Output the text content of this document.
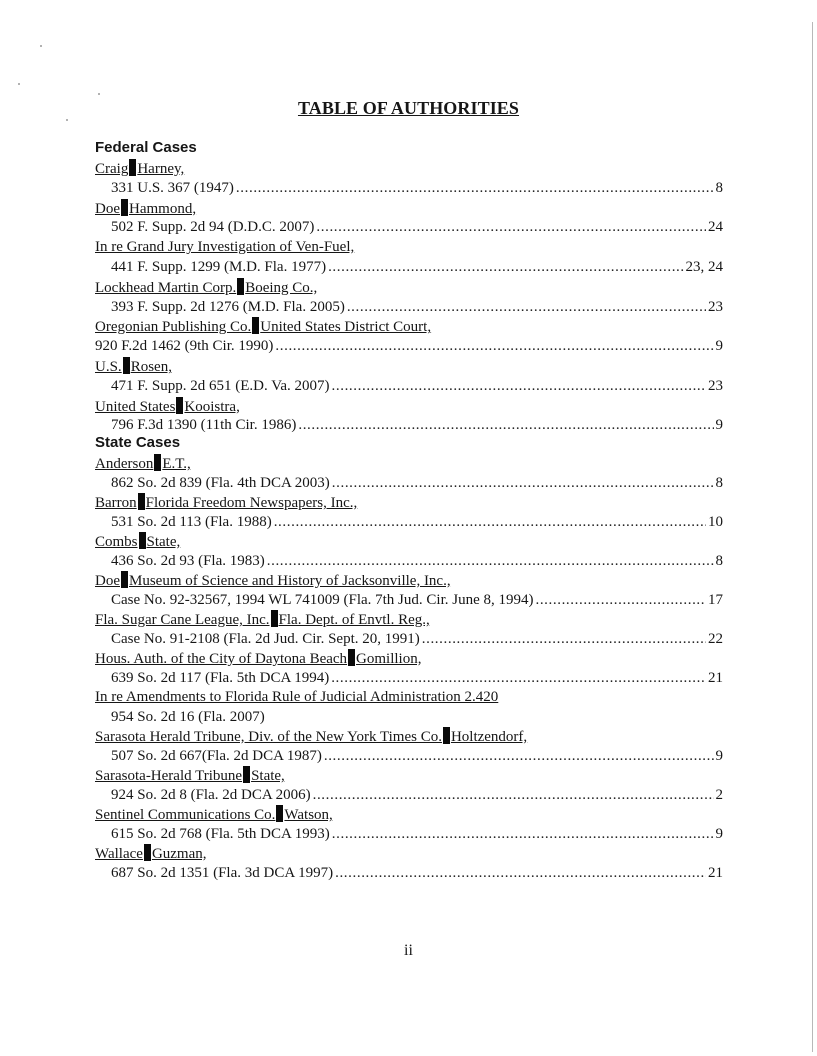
TABLE OF AUTHORITIES
Federal Cases
Craig Harney,
331 U.S. 367 (1947) .....	8
Doe Hammond,
502 F. Supp. 2d 94 (D.D.C. 2007) .....	24
In re Grand Jury Investigation of Ven-Fuel,
441 F. Supp. 1299 (M.D. Fla. 1977) .....	23, 24
Lockhead Martin Corp. Boeing Co.,
393 F. Supp. 2d 1276 (M.D. Fla. 2005) .....	23
Oregonian Publishing Co. United States District Court,
920 F.2d 1462 (9th Cir. 1990) .....	9
U.S. Rosen,
471 F. Supp. 2d 651 (E.D. Va. 2007) .....	23
United States Kooistra,
796 F.3d 1390 (11th Cir. 1986) .....	9
State Cases
Anderson E.T.,
862 So. 2d 839 (Fla. 4th DCA 2003) .....	8
Barron Florida Freedom Newspapers, Inc.,
531 So. 2d 113 (Fla. 1988) .....	10
Combs State,
436 So. 2d 93 (Fla. 1983) .....	8
Doe Museum of Science and History of Jacksonville, Inc.,
Case No. 92-32567, 1994 WL 741009 (Fla. 7th Jud. Cir. June 8, 1994) .....	17
Fla. Sugar Cane League, Inc. Fla. Dept. of Envtl. Reg.,
Case No. 91-2108 (Fla. 2d Jud. Cir. Sept. 20, 1991) .....	22
Hous. Auth. of the City of Daytona Beach Gomillion,
639 So. 2d 117 (Fla. 5th DCA 1994) .....	21
In re Amendments to Florida Rule of Judicial Administration 2.420
954 So. 2d 16 (Fla. 2007)
Sarasota Herald Tribune, Div. of the New York Times Co. Holtzendorf,
507 So. 2d 667(Fla. 2d DCA 1987) .....	9
Sarasota-Herald Tribune State,
924 So. 2d 8 (Fla. 2d DCA 2006) .....	2
Sentinel Communications Co. Watson,
615 So. 2d 768 (Fla. 5th DCA 1993) .....	9
Wallace Guzman,
687 So. 2d 1351 (Fla. 3d DCA 1997) .....	21
ii
